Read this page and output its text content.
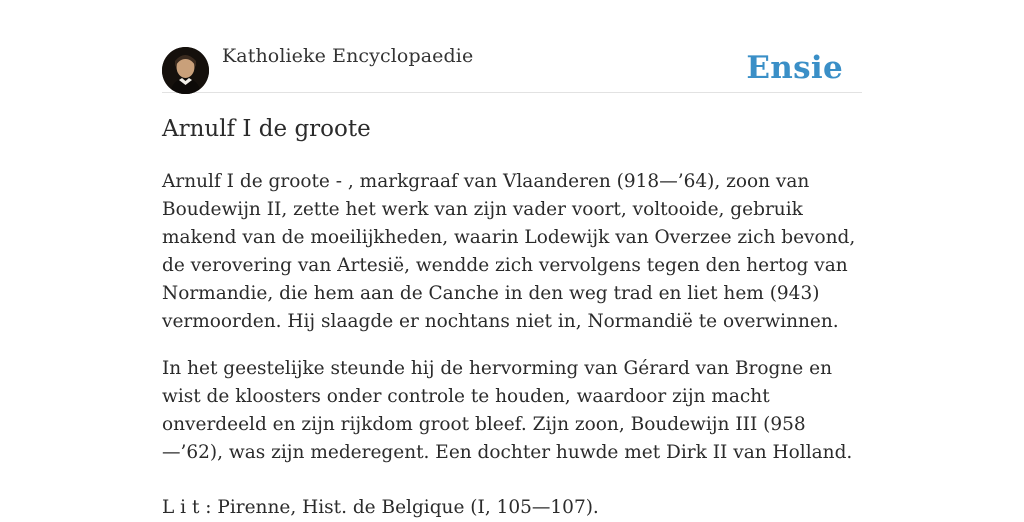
Katholieke Encyclopaedie	Ensie
Arnulf I de groote

Arnulf I de groote - , markgraaf van Vlaanderen (918—’64), zoon van Boudewijn II, zette het werk van zijn vader voort, voltooide, gebruik makend van de moeilijkheden, waarin Lodewijk van Overzee zich bevond, de verovering van Artesië, wendde zich vervolgens tegen den hertog van Normandie, die hem aan de Canche in den weg trad en liet hem (943) vermoorden. Hij slaagde er nochtans niet in, Normandië te overwinnen.

In het geestelijke steunde hij de hervorming van Gérard van Brogne en wist de kloosters onder controle te houden, waardoor zijn macht onverdeeld en zijn rijkdom groot bleef. Zijn zoon, Boudewijn III (958—’62), was zijn mederegent. Een dochter huwde met Dirk II van Holland.

L i t : Pirenne, Hist. de Belgique (I, 105—107).
